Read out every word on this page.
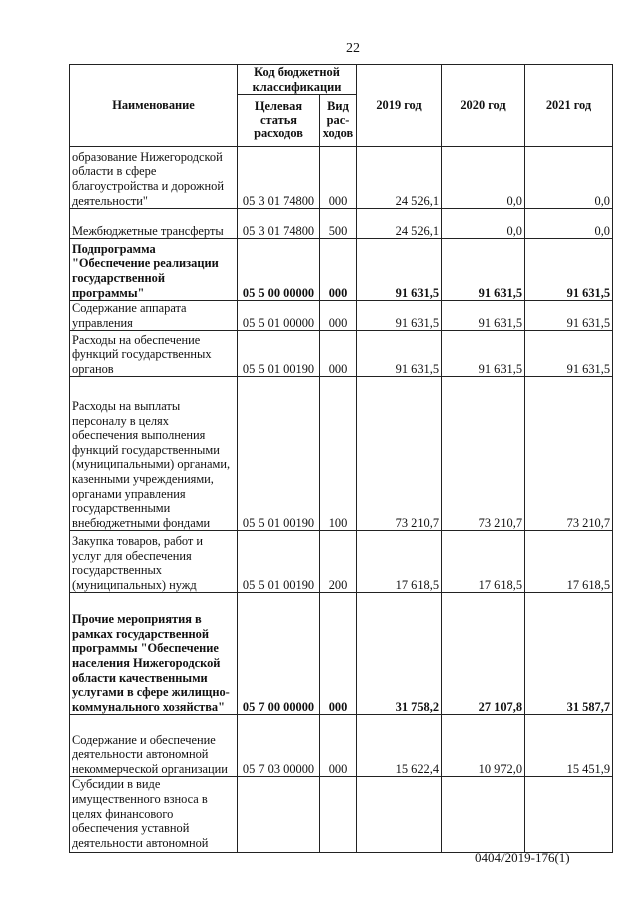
22
Наименование	Код бюджетной классификации		2019 год	2020 год	2021 год
	Целевая статья расходов	Вид рас-ходов			
образование Нижегородской области в сфере благоустройства и дорожной деятельности"	05 3 01 74800	000	24 526,1	0,0	0,0
Межбюджетные трансферты	05 3 01 74800	500	24 526,1	0,0	0,0
Подпрограмма "Обеспечение реализации государственной программы"	05 5 00 00000	000	91 631,5	91 631,5	91 631,5
Содержание аппарата управления	05 5 01 00000	000	91 631,5	91 631,5	91 631,5
Расходы на обеспечение функций государственных органов	05 5 01 00190	000	91 631,5	91 631,5	91 631,5
Расходы на выплаты персоналу в целях обеспечения выполнения функций государственными (муниципальными) органами, казенными учреждениями, органами управления государственными внебюджетными фондами	05 5 01 00190	100	73 210,7	73 210,7	73 210,7
Закупка товаров, работ и услуг для обеспечения государственных (муниципальных) нужд	05 5 01 00190	200	17 618,5	17 618,5	17 618,5
Прочие мероприятия в рамках государственной программы "Обеспечение населения Нижегородской области качественными услугами в сфере жилищно-коммунального хозяйства"	05 7 00 00000	000	31 758,2	27 107,8	31 587,7
Содержание и обеспечение деятельности автономной некоммерческой организации	05 7 03 00000	000	15 622,4	10 972,0	15 451,9
Субсидии в виде имущественного взноса в целях финансового обеспечения уставной деятельности автономной					
0404/2019-176(1)
